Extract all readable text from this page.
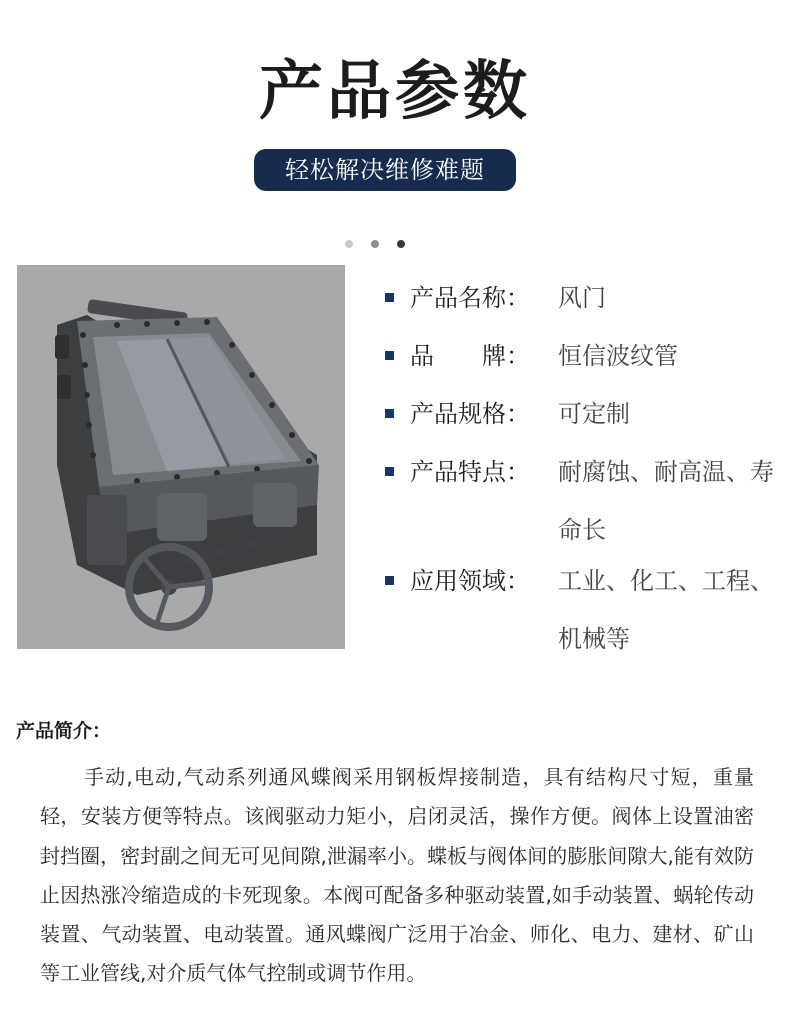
产品参数
轻松解决维修难题
产品名称：	风门
品　　牌：	恒信波纹管
产品规格：	可定制
产品特点：	耐腐蚀、耐高温、寿命长
应用领域：	工业、化工、工程、机械等
产品简介：
手动,电动,气动系列通风蝶阀采用钢板焊接制造，具有结构尺寸短，重量轻，安装方便等特点。该阀驱动力矩小，启闭灵活，操作方便。阀体上设置油密封挡圈，密封副之间无可见间隙,泄漏率小。蝶板与阀体间的膨胀间隙大,能有效防止因热涨冷缩造成的卡死现象。本阀可配备多种驱动装置,如手动装置、蜗轮传动装置、气动装置、电动装置。通风蝶阀广泛用于冶金、师化、电力、建材、矿山等工业管线,对介质气体气控制或调节作用。
